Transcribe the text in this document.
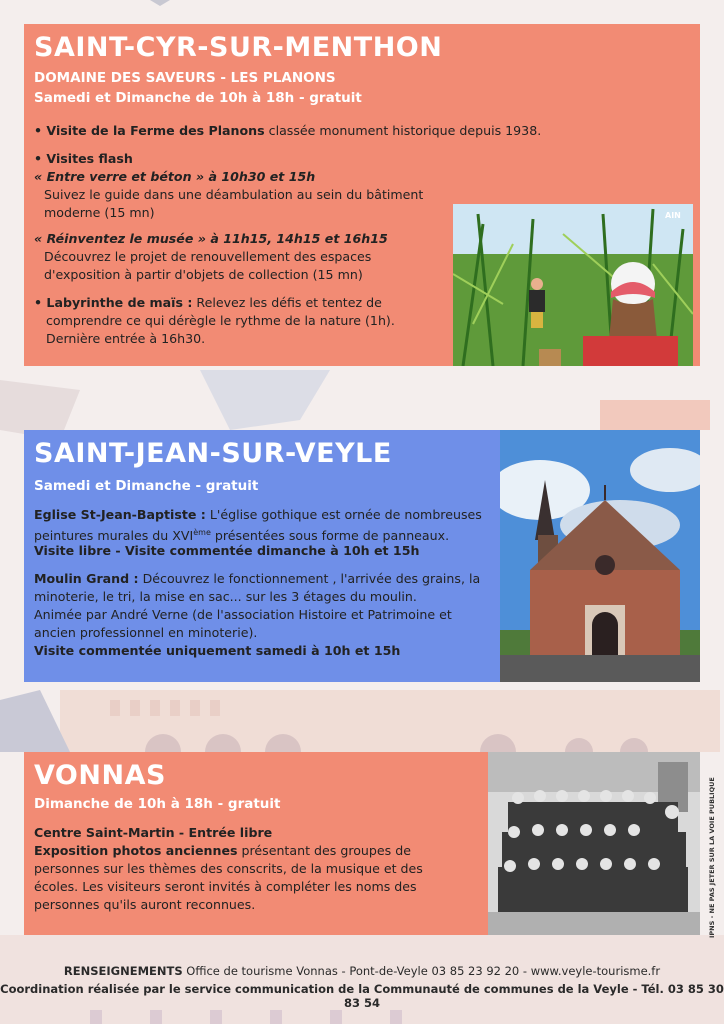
SAINT-CYR-SUR-MENTHON
DOMAINE DES SAVEURS - LES PLANONS
Samedi et Dimanche de 10h à 18h - gratuit
• Visite de la Ferme des Planons classée monument historique depuis 1938.
• Visites flash
« Entre verre et béton » à 10h30 et 15h
Suivez le guide dans une déambulation au sein du bâtiment
moderne (15 mn)
« Réinventez le musée » à 11h15, 14h15 et 16h15
Découvrez le projet de renouvellement des espaces
d'exposition à partir d'objets de collection (15 mn)
• Labyrinthe de maïs : Relevez les défis et tentez de
comprendre ce qui dérègle le rythme de la nature (1h).
Dernière entrée à 16h30.
AIN
SAINT-JEAN-SUR-VEYLE
Samedi et Dimanche - gratuit
Eglise St-Jean-Baptiste : L'église gothique est ornée de nombreuses
peintures murales du XVIème présentées sous forme de panneaux.
Visite libre - Visite commentée dimanche à 10h et 15h
Moulin Grand : Découvrez le fonctionnement , l'arrivée des grains, la
minoterie, le tri, la mise en sac... sur les 3 étages du moulin.
Animée par André Verne (de l'association Histoire et Patrimoine et
ancien professionnel en minoterie).
Visite commentée uniquement samedi à 10h et 15h
VONNAS
Dimanche de 10h à 18h - gratuit
Centre Saint-Martin - Entrée libre
Exposition photos anciennes présentant des groupes de
personnes sur les thèmes des conscrits, de la musique et des
écoles. Les visiteurs seront invités à compléter les noms des
personnes qu'ils auront reconnues.	IPNS - NE PAS JETER SUR LA VOIE PUBLIQUE
RENSEIGNEMENTS Office de tourisme Vonnas - Pont-de-Veyle 03 85 23 92 20 - www.veyle-tourisme.fr
Coordination réalisée par le service communication de la Communauté de communes de la Veyle - Tél. 03 85 30 83 54
